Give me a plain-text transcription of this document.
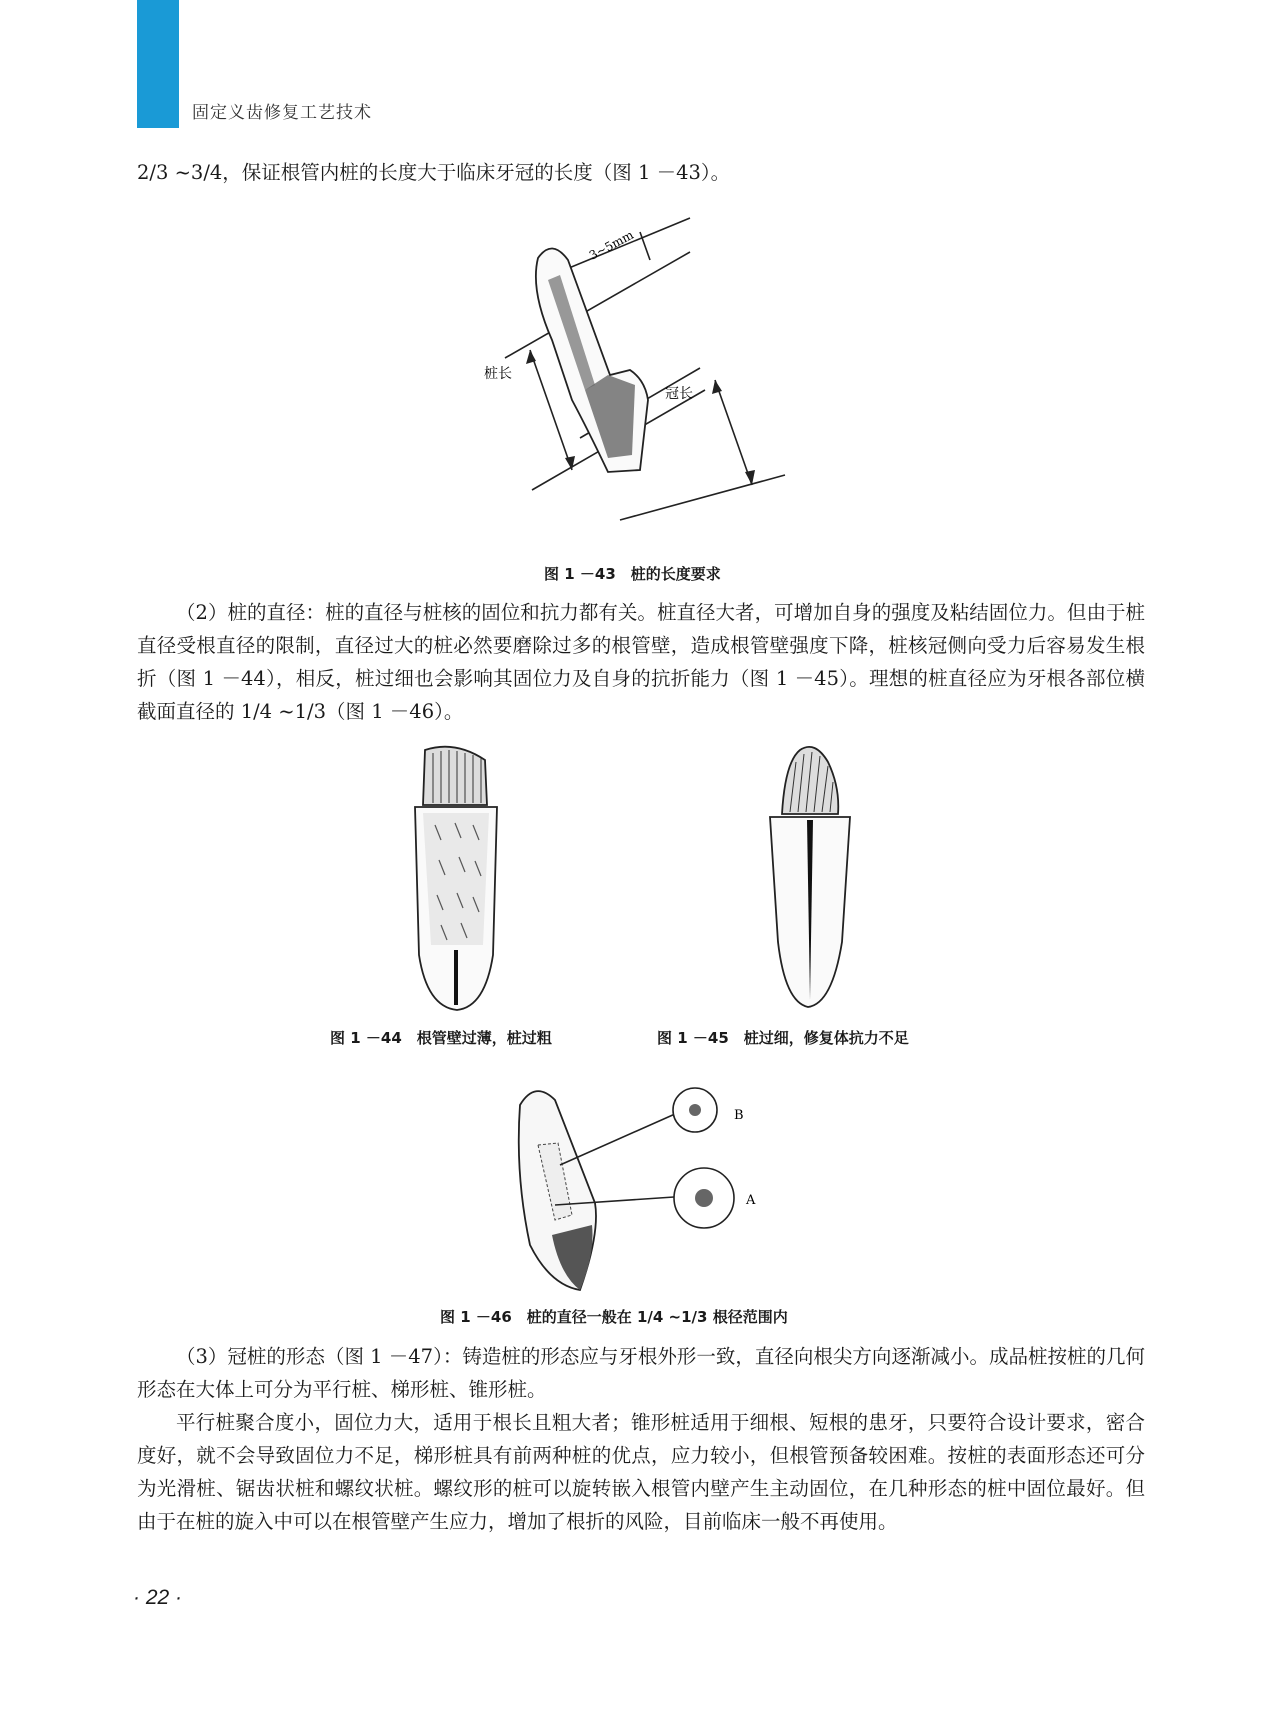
固定义齿修复工艺技术
2/3 ~3/4，保证根管内桩的长度大于临床牙冠的长度（图 1 －43）。
桩长
冠长
3~5mm
图 1 －43　桩的长度要求
（2）桩的直径：桩的直径与桩核的固位和抗力都有关。桩直径大者，可增加自身的强度及粘结固位力。但由于桩直径受根直径的限制，直径过大的桩必然要磨除过多的根管壁，造成根管壁强度下降，桩核冠侧向受力后容易发生根折（图 1 －44），相反，桩过细也会影响其固位力及自身的抗折能力（图 1 －45）。理想的桩直径应为牙根各部位横截面直径的 1/4 ~1/3（图 1 －46）。
图 1 －44　根管壁过薄，桩过粗	图 1 －45　桩过细，修复体抗力不足
B
A
图 1 －46　桩的直径一般在 1/4 ~1/3 根径范围内
（3）冠桩的形态（图 1 －47）：铸造桩的形态应与牙根外形一致，直径向根尖方向逐渐减小。成品桩按桩的几何形态在大体上可分为平行桩、梯形桩、锥形桩。
平行桩聚合度小，固位力大，适用于根长且粗大者；锥形桩适用于细根、短根的患牙，只要符合设计要求，密合度好，就不会导致固位力不足，梯形桩具有前两种桩的优点，应力较小，但根管预备较困难。按桩的表面形态还可分为光滑桩、锯齿状桩和螺纹状桩。螺纹形的桩可以旋转嵌入根管内壁产生主动固位，在几种形态的桩中固位最好。但由于在桩的旋入中可以在根管壁产生应力，增加了根折的风险，目前临床一般不再使用。
· 22 ·
